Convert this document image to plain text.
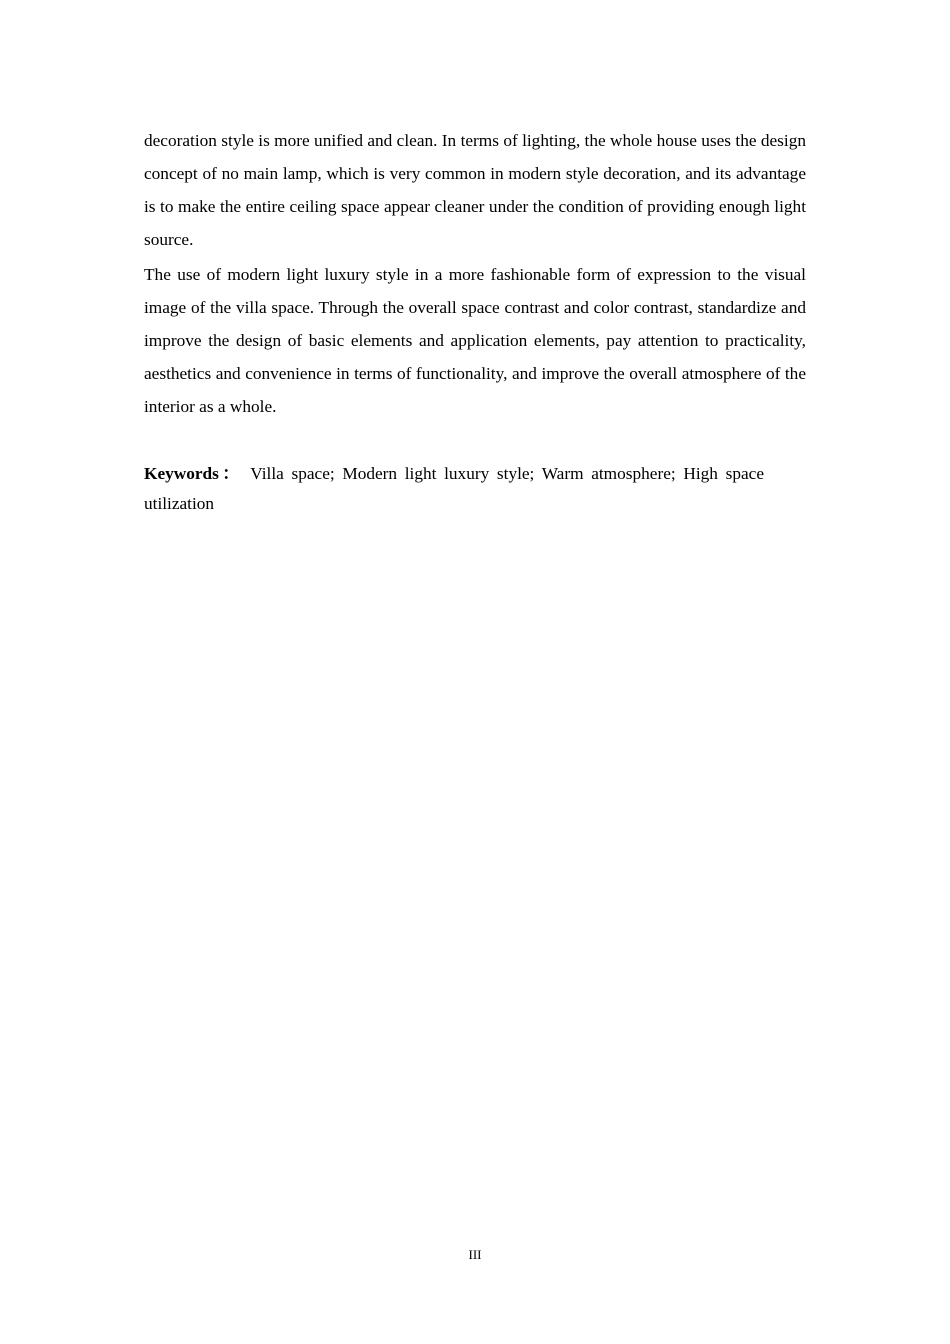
decoration style is more unified and clean. In terms of lighting, the whole house uses the design concept of no main lamp, which is very common in modern style decoration, and its advantage is to make the entire ceiling space appear cleaner under the condition of providing enough light source.

The use of modern light luxury style in a more fashionable form of expression to the visual image of the villa space. Through the overall space contrast and color contrast, standardize and improve the design of basic elements and application elements, pay attention to practicality, aesthetics and convenience in terms of functionality, and improve the overall atmosphere of the interior as a whole.

Keywords： Villa space; Modern light luxury style; Warm atmosphere; High space utilization

III
